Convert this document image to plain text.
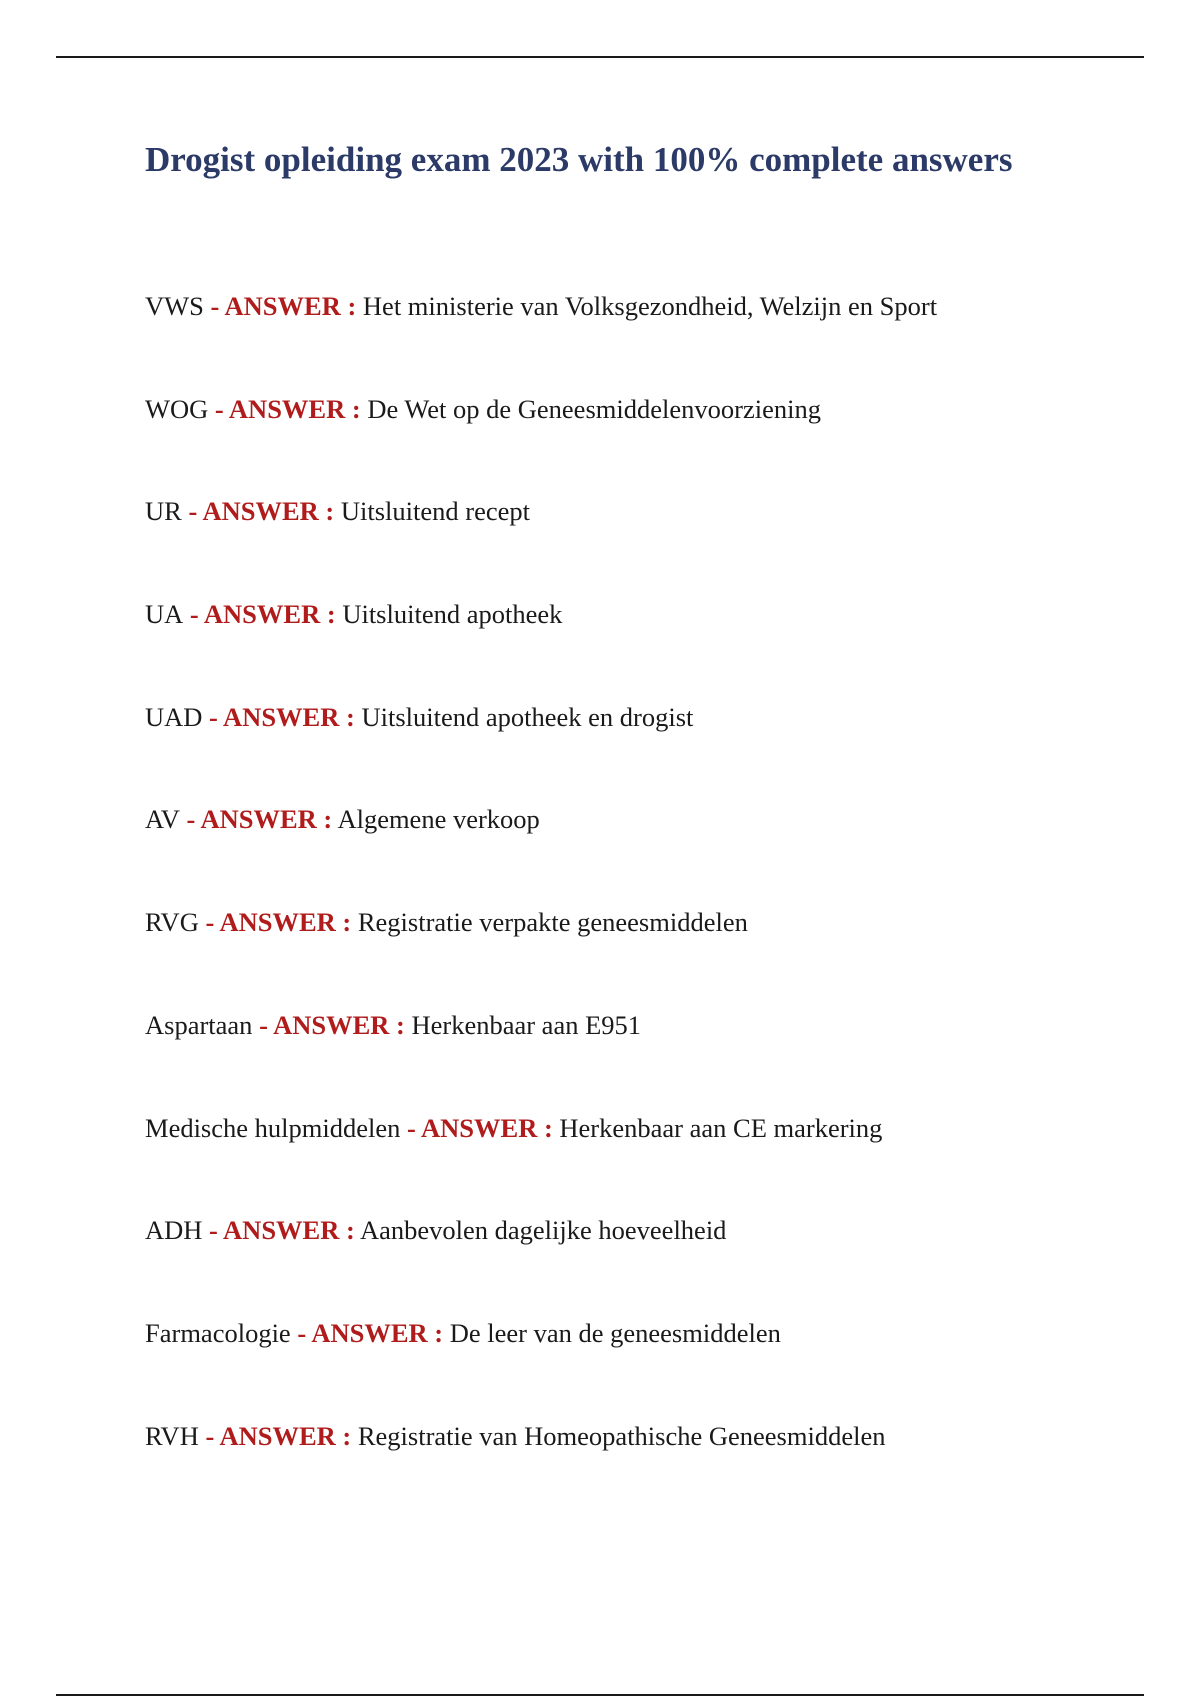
Drogist opleiding exam 2023 with 100% complete answers
VWS - ANSWER : Het ministerie van Volksgezondheid, Welzijn en Sport
WOG - ANSWER : De Wet op de Geneesmiddelenvoorziening
UR - ANSWER : Uitsluitend recept
UA - ANSWER : Uitsluitend apotheek
UAD - ANSWER : Uitsluitend apotheek en drogist
AV - ANSWER : Algemene verkoop
RVG - ANSWER : Registratie verpakte geneesmiddelen
Aspartaan - ANSWER : Herkenbaar aan E951
Medische hulpmiddelen - ANSWER : Herkenbaar aan CE markering
ADH - ANSWER : Aanbevolen dagelijke hoeveelheid
Farmacologie - ANSWER : De leer van de geneesmiddelen
RVH - ANSWER : Registratie van Homeopathische Geneesmiddelen
